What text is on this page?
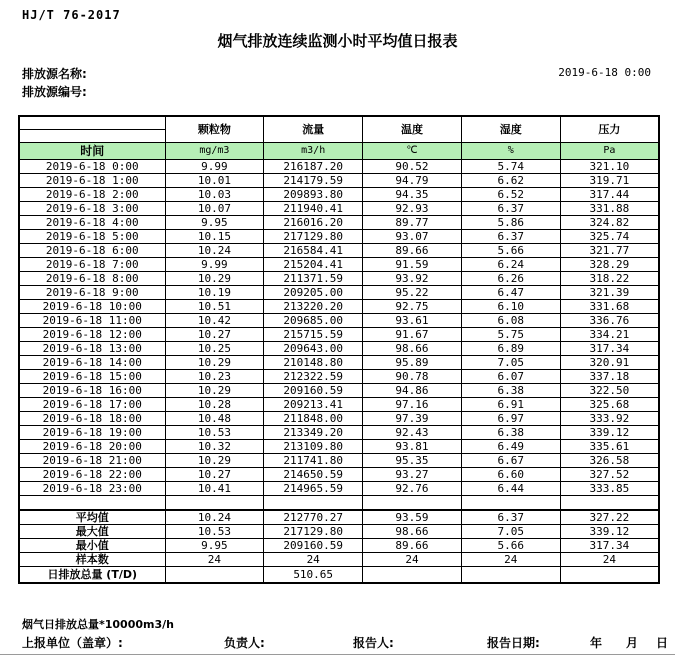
HJ/T 76-2017
烟气排放连续监测小时平均值日报表
排放源名称:
排放源编号:
2019-6-18 0:00
	颗粒物	流量	温度	湿度	压力

时间	mg/m3	m3/h	℃	%	Pa
2019-6-18 0:00	9.99	216187.20	90.52	5.74	321.10
2019-6-18 1:00	10.01	214179.59	94.79	6.62	319.71
2019-6-18 2:00	10.03	209893.80	94.35	6.52	317.44
2019-6-18 3:00	10.07	211940.41	92.93	6.37	331.88
2019-6-18 4:00	9.95	216016.20	89.77	5.86	324.82
2019-6-18 5:00	10.15	217129.80	93.07	6.37	325.74
2019-6-18 6:00	10.24	216584.41	89.66	5.66	321.77
2019-6-18 7:00	9.99	215204.41	91.59	6.24	328.29
2019-6-18 8:00	10.29	211371.59	93.92	6.26	318.22
2019-6-18 9:00	10.19	209205.00	95.22	6.47	321.39
2019-6-18 10:00	10.51	213220.20	92.75	6.10	331.68
2019-6-18 11:00	10.42	209685.00	93.61	6.08	336.76
2019-6-18 12:00	10.27	215715.59	91.67	5.75	334.21
2019-6-18 13:00	10.25	209643.00	98.66	6.89	317.34
2019-6-18 14:00	10.29	210148.80	95.89	7.05	320.91
2019-6-18 15:00	10.23	212322.59	90.78	6.07	337.18
2019-6-18 16:00	10.29	209160.59	94.86	6.38	322.50
2019-6-18 17:00	10.28	209213.41	97.16	6.91	325.68
2019-6-18 18:00	10.48	211848.00	97.39	6.97	333.92
2019-6-18 19:00	10.53	213349.20	92.43	6.38	339.12
2019-6-18 20:00	10.32	213109.80	93.81	6.49	335.61
2019-6-18 21:00	10.29	211741.80	95.35	6.67	326.58
2019-6-18 22:00	10.27	214650.59	93.27	6.60	327.52
2019-6-18 23:00	10.41	214965.59	92.76	6.44	333.85

平均值	10.24	212770.27	93.59	6.37	327.22
最大值	10.53	217129.80	98.66	7.05	339.12
最小值	9.95	209160.59	89.66	5.66	317.34
样本数	24	24	24	24	24
日排放总量 (T/D)		510.65			
烟气日排放总量*10000m3/h
上报单位（盖章）:	负责人:	报告人:	报告日期:	年 月 日
